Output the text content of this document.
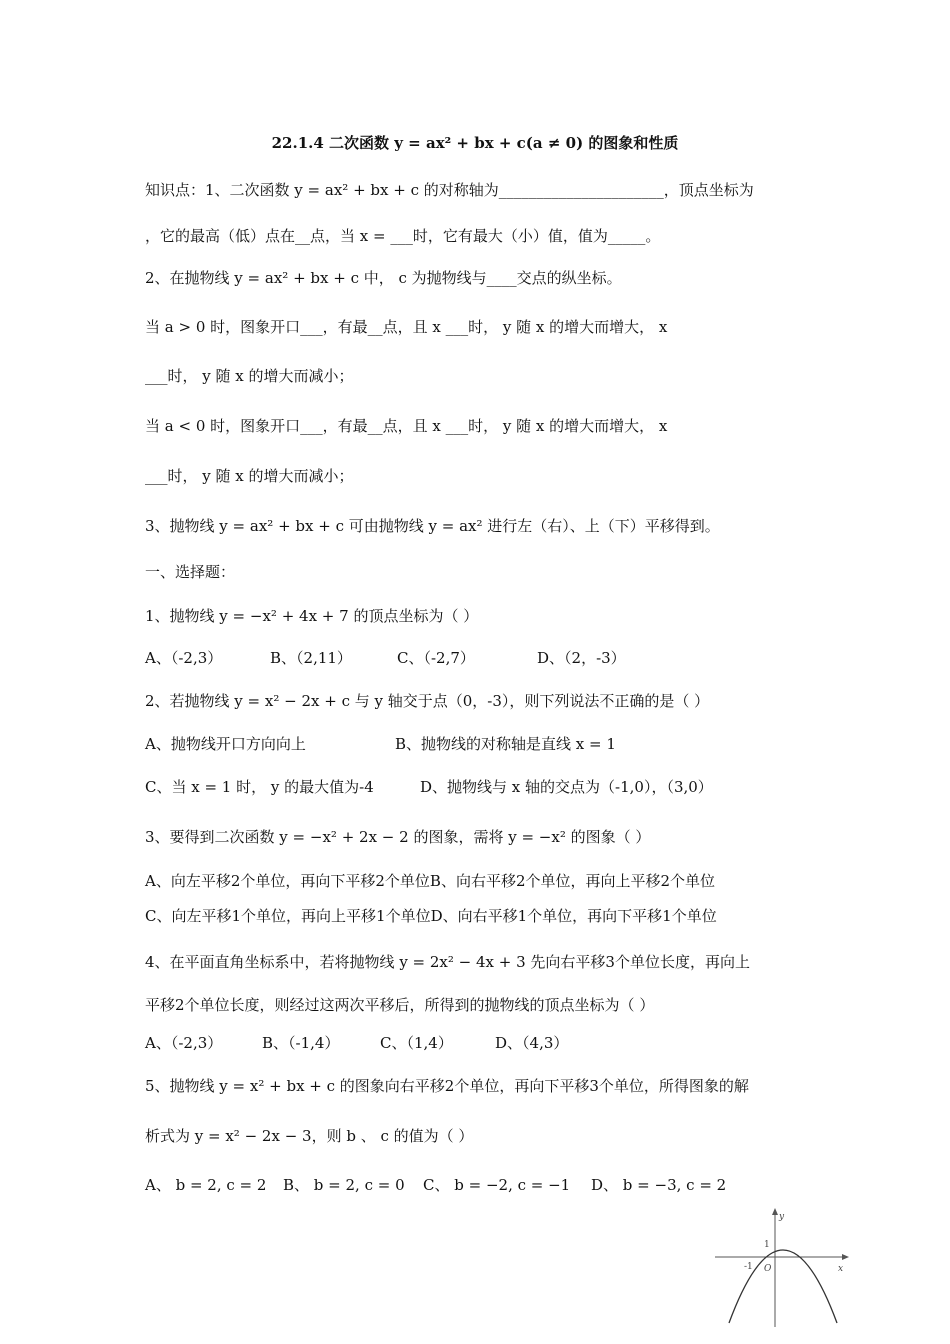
22.1.4 二次函数 y = ax² + bx + c(a ≠ 0) 的图象和性质
知识点：1、二次函数 y = ax² + bx + c 的对称轴为______________________，顶点坐标为
，它的最高（低）点在__点，当 x = ___时，它有最大（小）值，值为_____。
2、在抛物线 y = ax² + bx + c 中， c 为抛物线与____交点的纵坐标。
当 a > 0 时，图象开口___，有最__点，且 x ___时， y 随 x 的增大而增大， x
___时， y 随 x 的增大而减小；
当 a < 0 时，图象开口___，有最__点，且 x ___时， y 随 x 的增大而增大， x
___时， y 随 x 的增大而减小；
3、抛物线 y = ax² + bx + c 可由抛物线 y = ax² 进行左（右）、上（下）平移得到。
一、选择题：
1、抛物线 y = −x² + 4x + 7 的顶点坐标为（ ）
A、（-2,3）	B、（2,11）	C、（-2,7）	D、（2，-3）
2、若抛物线 y = x² − 2x + c 与 y 轴交于点（0，-3），则下列说法不正确的是（ ）
A、抛物线开口方向向上	B、抛物线的对称轴是直线 x = 1
C、当 x = 1 时， y 的最大值为-4	D、抛物线与 x 轴的交点为（-1,0），（3,0）
3、要得到二次函数 y = −x² + 2x − 2 的图象，需将 y = −x² 的图象（ ）
A、向左平移2个单位，再向下平移2个单位B、向右平移2个单位，再向上平移2个单位
C、向左平移1个单位，再向上平移1个单位D、向右平移1个单位，再向下平移1个单位
4、在平面直角坐标系中，若将抛物线 y = 2x² − 4x + 3 先向右平移3个单位长度，再向上
平移2个单位长度，则经过这两次平移后，所得到的抛物线的顶点坐标为（ ）
A、（-2,3）	B、（-1,4）	C、（1,4）	D、（4,3）
5、抛物线 y = x² + bx + c 的图象向右平移2个单位，再向下平移3个单位，所得图象的解
析式为 y = x² − 2x − 3，则 b 、 c 的值为（ ）
A、 b = 2, c = 2 B、 b = 2, c = 0 C、 b = −2, c = −1 D、 b = −3, c = 2
y
x
1
-1 O
